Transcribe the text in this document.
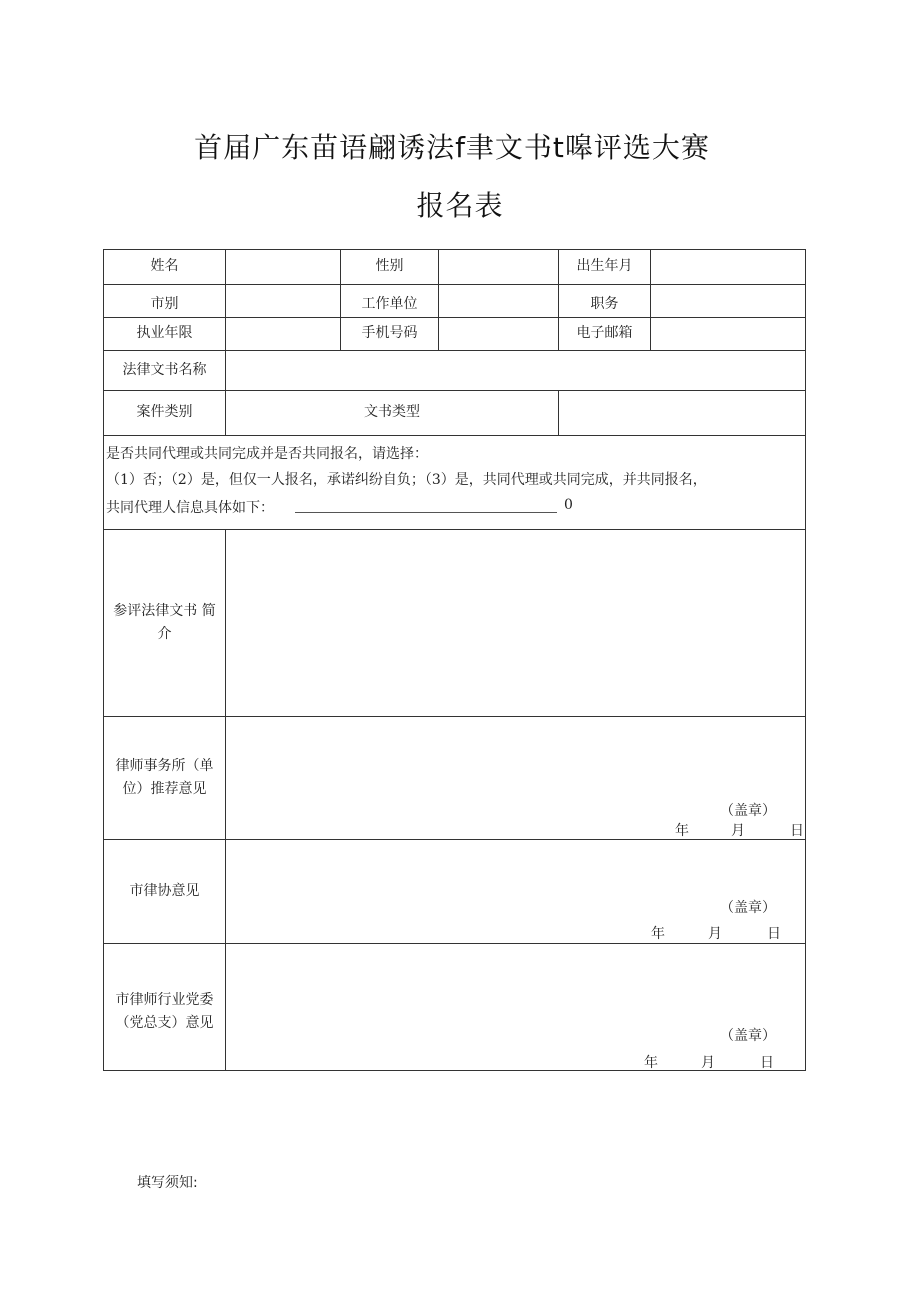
首届广东苗语翩诱法f聿文书t嗥评选大赛
报名表
姓名	性别	出生年月
市别	工作单位	职务
执业年限	手机号码	电子邮箱
法律文书名称
案件类别	文书类型
是否共同代理或共同完成并是否共同报名，请选择：
（1）否；（2）是，但仅一人报名，承诺纠纷自负；（3）是，共同代理或共同完成，并共同报名，
共同代理人信息具体如下：	0
参评法律文书 简
介
律师事务所（单
位）推荐意见
（盖章）
年	月	日
市律协意见
（盖章）
年	月	日
市律师行业党委
（党总支）意见
（盖章）
年	月	日
填写须知:
